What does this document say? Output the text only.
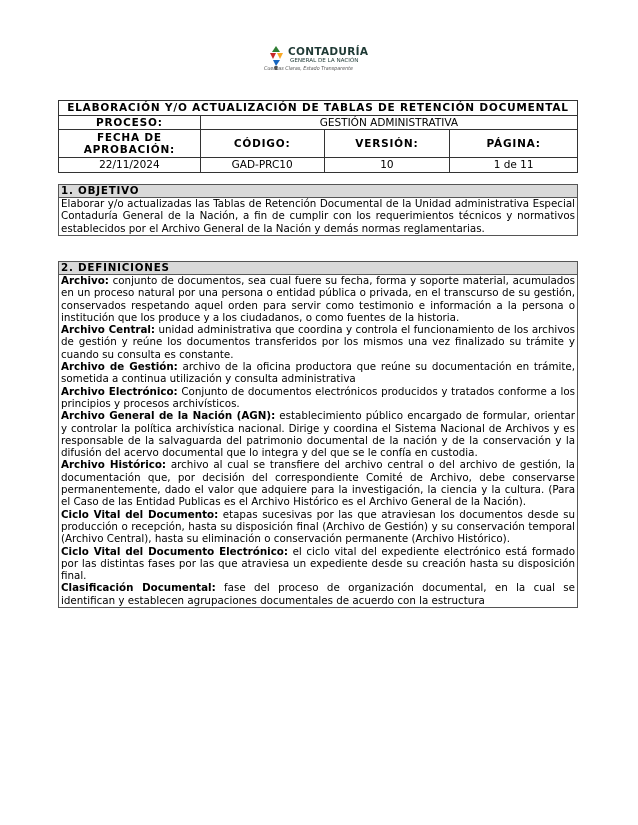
CONTADURÍA
GENERAL DE LA NACIÓN
Cuentas Claras, Estado Transparente
ELABORACIÓN Y/O ACTUALIZACIÓN DE TABLAS DE RETENCIÓN DOCUMENTAL			
PROCESO:	GESTIÓN ADMINISTRATIVA		

FECHA DE
APROBACIÓN:	CÓDIGO:	VERSIÓN:	PÁGINA:
22/11/2024	GAD-PRC10	10	1 de 11
1. OBJETIVO
Elaborar y/o actualizadas las Tablas de Retención Documental de la Unidad administrativa Especial Contaduría General de la Nación, a fin de cumplir con los requerimientos técnicos y normativos establecidos por el Archivo General de la Nación y demás normas reglamentarias.
2. DEFINICIONES

Archivo: conjunto de documentos, sea cual fuere su fecha, forma y soporte material, acumulados en un proceso natural por una persona o entidad pública o privada, en el transcurso de su gestión, conservados respetando aquel orden para servir como testimonio e información a la persona o institución que los produce y a los ciudadanos, o como fuentes de la historia.

Archivo Central: unidad administrativa que coordina y controla el funcionamiento de los archivos de gestión y reúne los documentos transferidos por los mismos una vez finalizado su trámite y cuando su consulta es constante.

Archivo de Gestión: archivo de la oficina productora que reúne su documentación en trámite, sometida a continua utilización y consulta administrativa

Archivo Electrónico: Conjunto de documentos electrónicos producidos y tratados conforme a los principios y procesos archivísticos.

Archivo General de la Nación (AGN): establecimiento público encargado de formular, orientar y controlar la política archivística nacional. Dirige y coordina el Sistema Nacional de Archivos y es responsable de la salvaguarda del patrimonio documental de la nación y de la conservación y la difusión del acervo documental que lo integra y del que se le confía en custodia.

Archivo Histórico: archivo al cual se transfiere del archivo central o del archivo de gestión, la documentación que, por decisión del correspondiente Comité de Archivo, debe conservarse permanentemente, dado el valor que adquiere para la investigación, la ciencia y la cultura. (Para el Caso de las Entidad Publicas es el Archivo Histórico es el Archivo General de la Nación).

Ciclo Vital del Documento: etapas sucesivas por las que atraviesan los documentos desde su producción o recepción, hasta su disposición final (Archivo de Gestión) y su conservación temporal (Archivo Central), hasta su eliminación o conservación permanente (Archivo Histórico).

Ciclo Vital del Documento Electrónico: el ciclo vital del expediente electrónico está formado por las distintas fases por las que atraviesa un expediente desde su creación hasta su disposición final.

Clasificación Documental: fase del proceso de organización documental, en la cual se identifican y establecen agrupaciones documentales de acuerdo con la estructura
